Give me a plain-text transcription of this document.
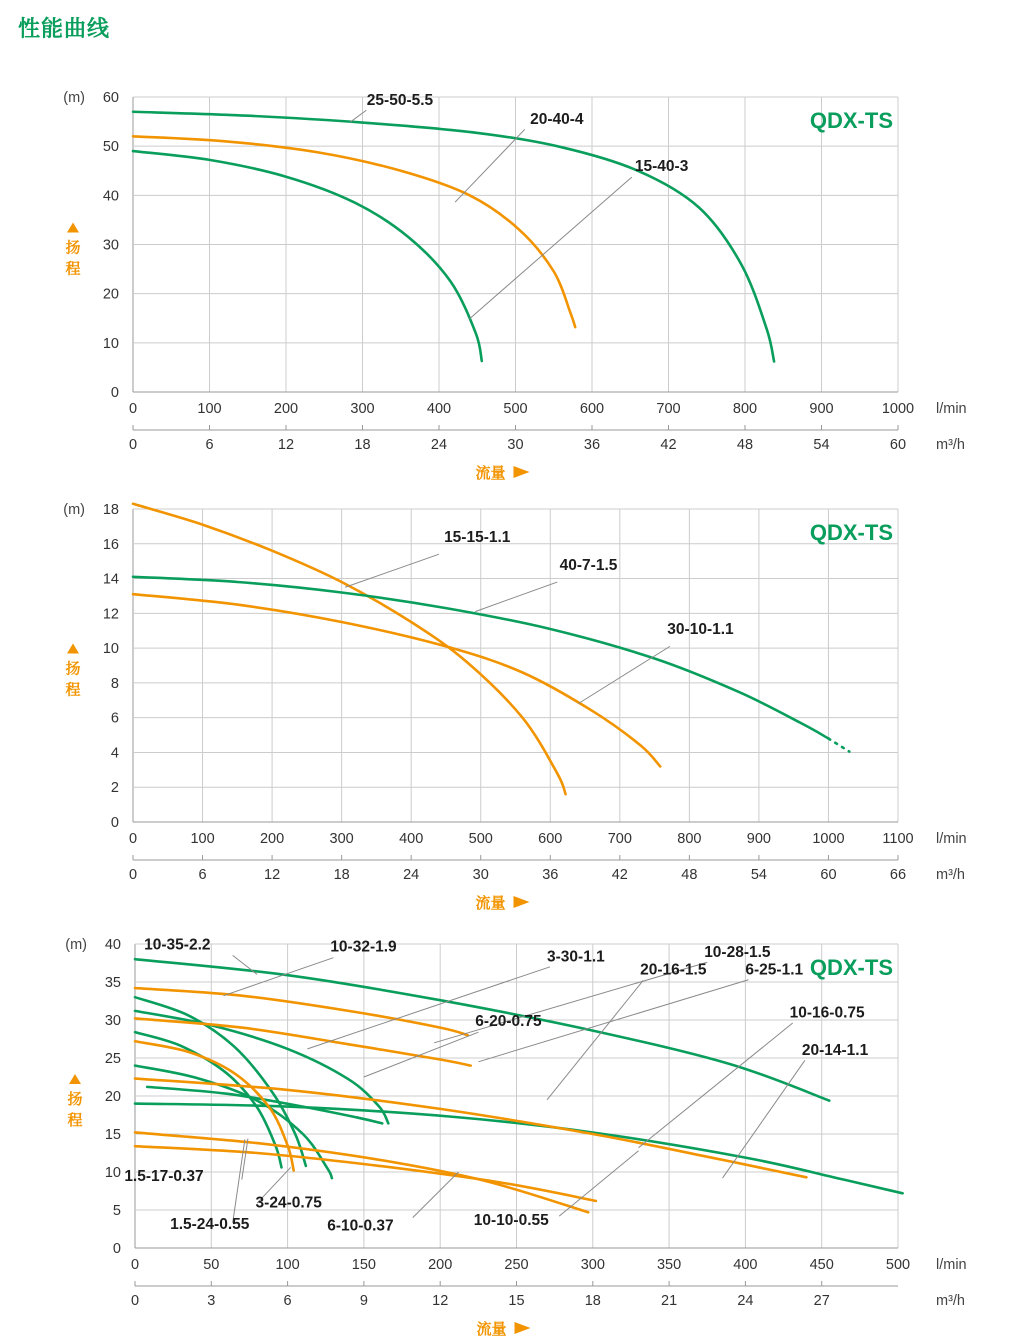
性能曲线
0
10
20
30
40
50
60
(m)
0	100	200	300	400	500	600	700	800	900	1000 l/min
0	6	12	18	24	30	36	42	48	54	60 m³/h
25-50-5.5
20-40-4
15-40-3
QDX-TS
扬
程
流量
0
2
4
6
8
10
12
14
16
18
(m)
0	100	200	300	400	500	600	700	800	900	1000	1100 l/min
0	6	12	18	24	30	36	42	48	54	60	66 m³/h
15-15-1.1
40-7-1.5
30-10-1.1
QDX-TS
扬
程
流量
0
5
10
15
20
25
30
35
40
(m)
0	50	100	150	200	250	300	350	400	450	500 l/min
0	3	6	9	12	15	18	21	24	27	m³/h
10-35-2.2	10-32-1.9
3-30-1.1	10-28-1.5
6-25-1.1
6-20-0.75
20-16-1.5
10-16-0.75
20-14-1.1
1.5-17-0.37
1.5-24-0.55
3-24-0.75
6-10-0.37	10-10-0.55
QDX-TS
扬
程
流量
